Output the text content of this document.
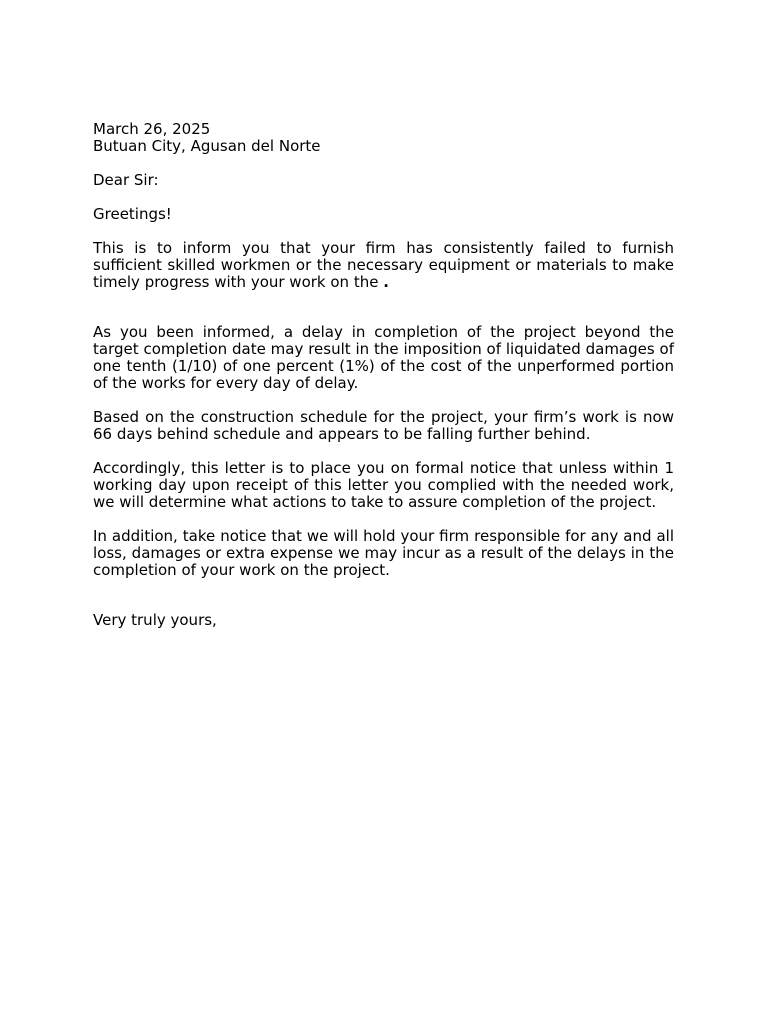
March 26, 2025

Butuan City, Agusan del Norte

Dear Sir:

Greetings!

This is to inform you that your firm has consistently failed to furnish sufficient skilled workmen or the necessary equipment or materials to make timely progress with your work on the .

As you been informed, a delay in completion of the project beyond the target completion date may result in the imposition of liquidated damages of one tenth (1/10) of one percent (1%) of the cost of the unperformed portion of the works for every day of delay.

Based on the construction schedule for the project, your firm’s work is now 66 days behind schedule and appears to be falling further behind.

Accordingly, this letter is to place you on formal notice that unless within 1 working day upon receipt of this letter you complied with the needed work, we will determine what actions to take to assure completion of the project.

In addition, take notice that we will hold your firm responsible for any and all loss, damages or extra expense we may incur as a result of the delays in the completion of your work on the project.

Very truly yours,
